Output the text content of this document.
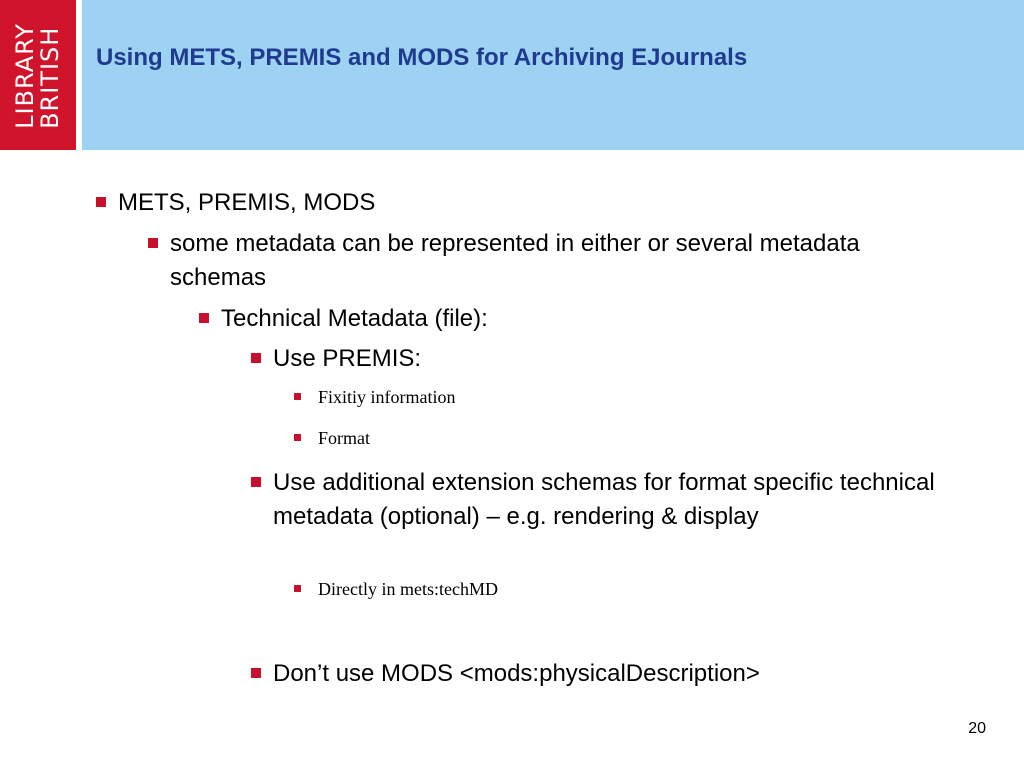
LIBRARY
BRITISH Using METS, PREMIS and MODS for Archiving EJournals
METS, PREMIS, MODS
some metadata can be represented in either or several metadata schemas
Technical Metadata (file):
Use PREMIS:
Fixitiy information
Format
Use additional extension schemas for format specific technical metadata (optional) – e.g. rendering & display
Directly in mets:techMD
Don’t use MODS <mods:physicalDescription>
20
